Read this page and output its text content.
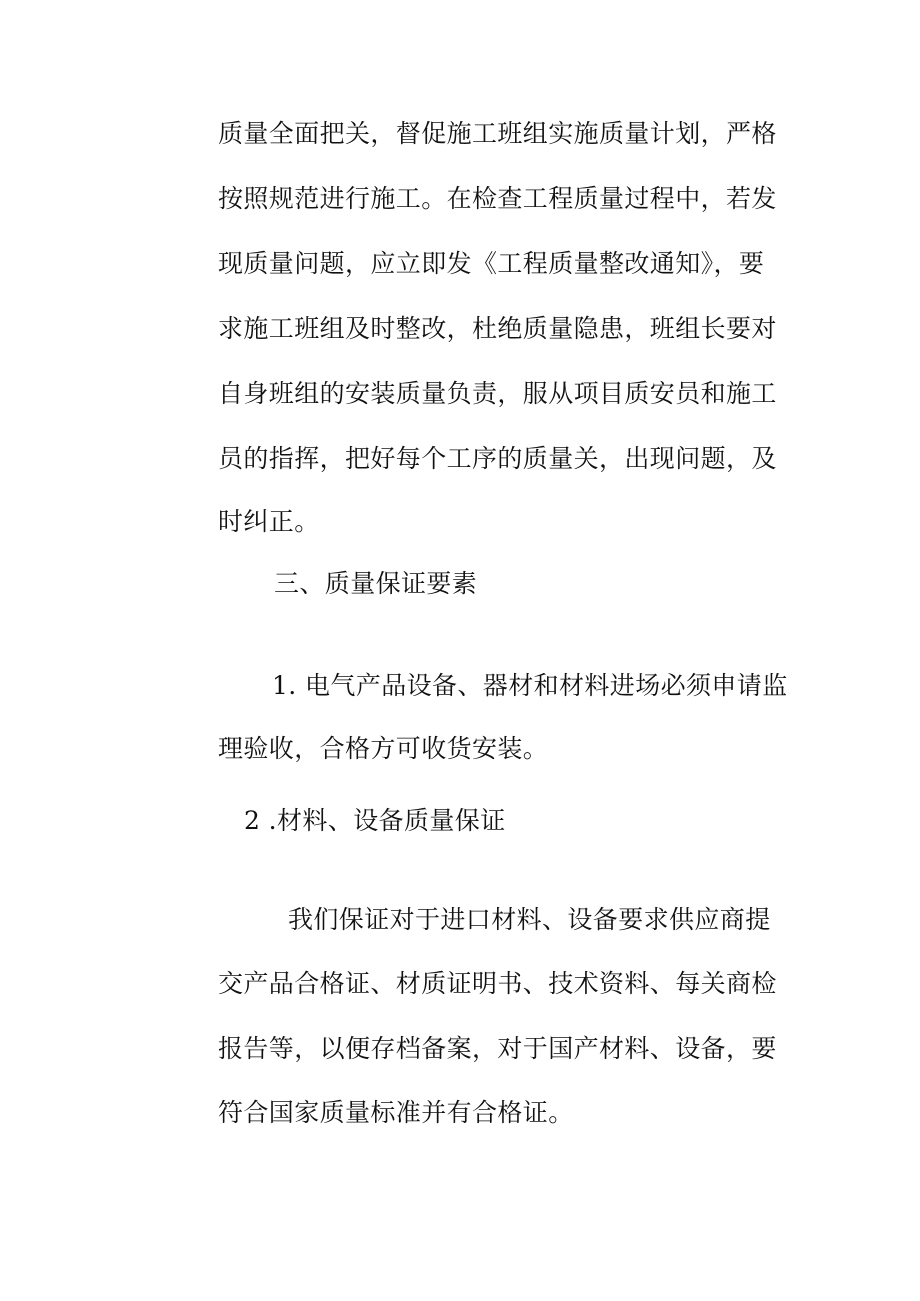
质量全面把关，督促施工班组实施质量计划，严格
按照规范进行施工。在检查工程质量过程中，若发
现质量问题，应立即发《工程质量整改通知》，要
求施工班组及时整改，杜绝质量隐患，班组长要对
自身班组的安装质量负责，服从项目质安员和施工
员的指挥，把好每个工序的质量关，出现问题，及
时纠正。
三、质量保证要素
1. 电气产品设备、器材和材料进场必须申请监
理验收，合格方可收货安装。
2 .材料、设备质量保证
我们保证对于进口材料、设备要求供应商提
交产品合格证、材质证明书、技术资料、每关商检
报告等，以便存档备案，对于国产材料、设备，要
符合国家质量标准并有合格证。
